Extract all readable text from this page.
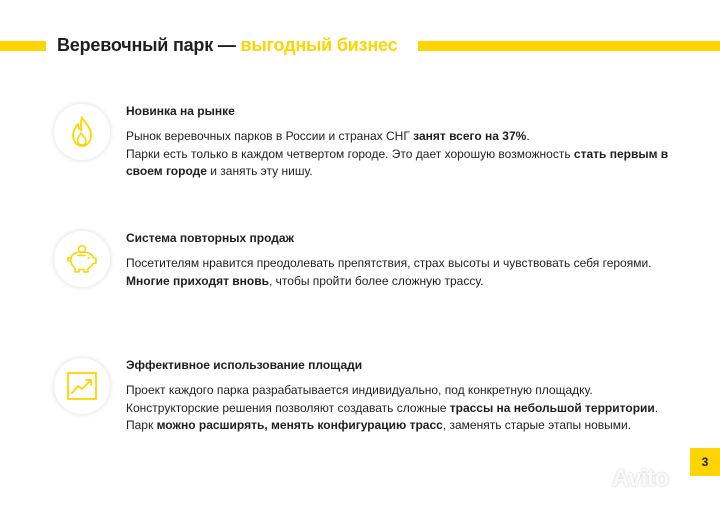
Веревочный парк — выгодный бизнес

Новинка на рынке

Рынок веревочных парков в России и странах СНГ занят всего на 37%.

Парки есть только в каждом четвертом городе. Это дает хорошую возможность стать первым в своем городе и занять эту нишу.

Система повторных продаж

Посетителям нравится преодолевать препятствия, страх высоты и чувствовать себя героями. Многие приходят вновь, чтобы пройти более сложную трассу.

Эффективное использование площади

Проект каждого парка разрабатывается индивидуально, под конкретную площадку. Конструкторские решения позволяют создавать сложные трассы на небольшой территории. Парк можно расширять, менять конфигурацию трасс, заменять старые этапы новыми.

3
Avito
